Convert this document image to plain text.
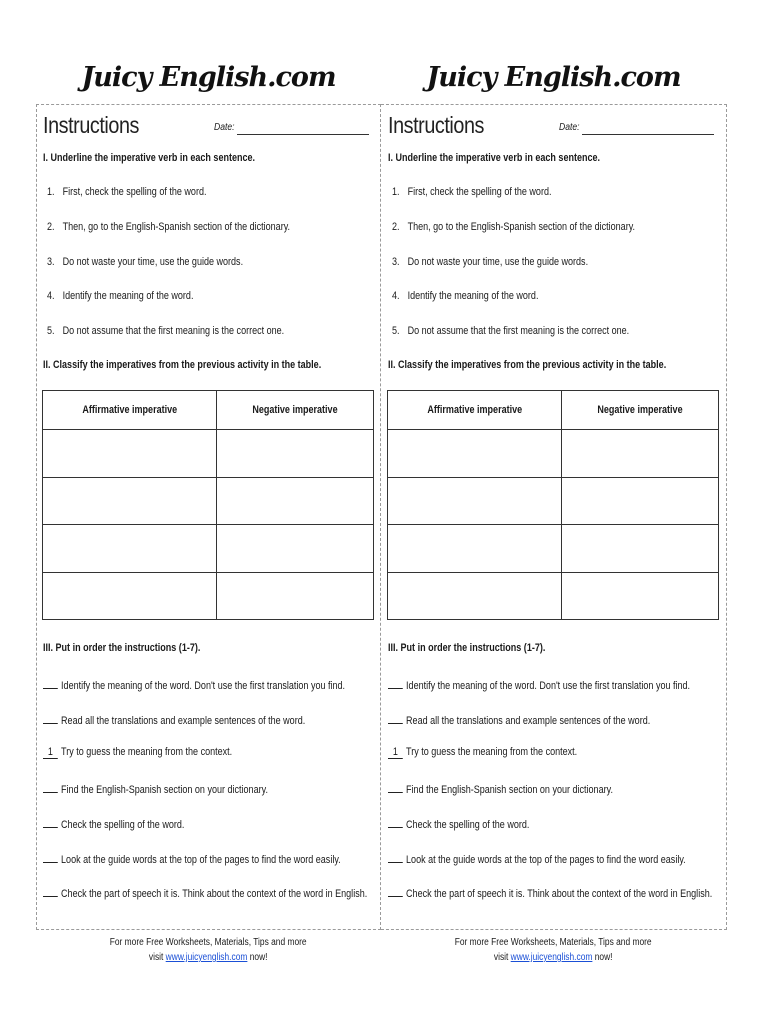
Juicy English.com
Instructions	Date:
I. Underline the imperative verb in each sentence.
1. First, check the spelling of the word.
2. Then, go to the English-Spanish section of the dictionary.
3. Do not waste your time, use the guide words.
4. Identify the meaning of the word.
5. Do not assume that the first meaning is the correct one.
II. Classify the imperatives from the previous activity in the table.
Affirmative imperative	Negative imperative

III. Put in order the instructions (1-7).
Identify the meaning of the word. Don't use the first translation you find.
Read all the translations and example sentences of the word.
1 Try to guess the meaning from the context.
Find the English-Spanish section on your dictionary.
Check the spelling of the word.
Look at the guide words at the top of the pages to find the word easily.
Check the part of speech it is. Think about the context of the word in English.
For more Free Worksheets, Materials, Tips and more
visit www.juicyenglish.com now!
Juicy English.com
Instructions	Date:
I. Underline the imperative verb in each sentence.
1. First, check the spelling of the word.
2. Then, go to the English-Spanish section of the dictionary.
3. Do not waste your time, use the guide words.
4. Identify the meaning of the word.
5. Do not assume that the first meaning is the correct one.
II. Classify the imperatives from the previous activity in the table.
Affirmative imperative	Negative imperative

III. Put in order the instructions (1-7).
Identify the meaning of the word. Don't use the first translation you find.
Read all the translations and example sentences of the word.
1 Try to guess the meaning from the context.
Find the English-Spanish section on your dictionary.
Check the spelling of the word.
Look at the guide words at the top of the pages to find the word easily.
Check the part of speech it is. Think about the context of the word in English.
For more Free Worksheets, Materials, Tips and more
visit www.juicyenglish.com now!
